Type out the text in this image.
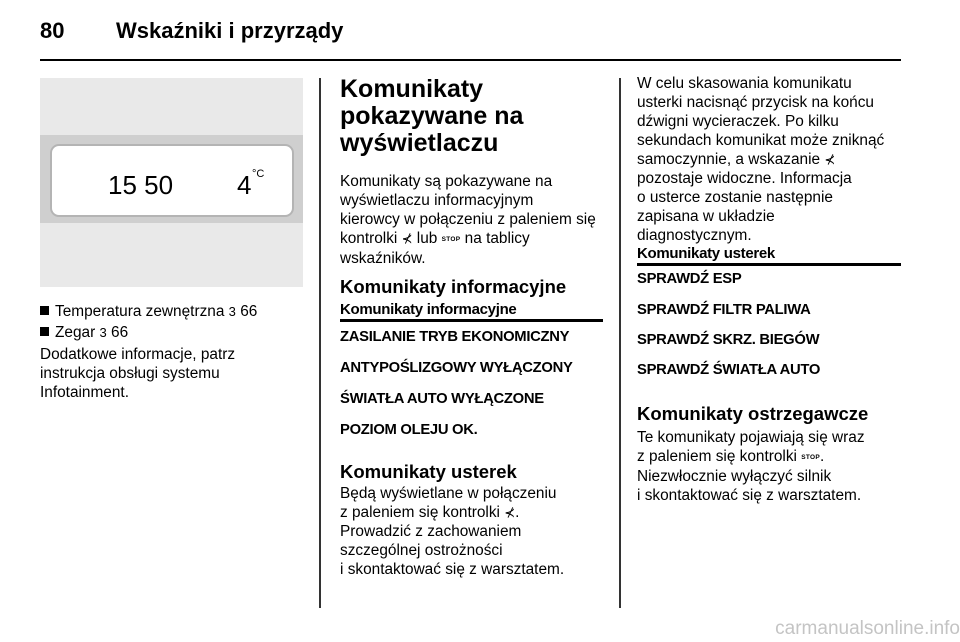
80 Wskaźniki i przyrządy
15 50 4 °C
Temperatura zewnętrzna 3 66
Zegar 3 66
Dodatkowe informacje, patrz
instrukcja obsługi systemu
Infotainment.
Komunikaty
pokazywane na
wyświetlaczu
Komunikaty są pokazywane na
wyświetlaczu informacyjnym
kierowcy w połączeniu z paleniem się
kontrolki ⊀ lub STOP na tablicy
wskaźników.
Komunikaty informacyjne
Komunikaty informacyjne
ZASILANIE TRYB EKONOMICZNY
ANTYPOŚLIZGOWY WYŁĄCZONY
ŚWIATŁA AUTO WYŁĄCZONE
POZIOM OLEJU OK.
Komunikaty usterek
Będą wyświetlane w połączeniu
z paleniem się kontrolki ⊀.
Prowadzić z zachowaniem
szczególnej ostrożności
i skontaktować się z warsztatem.
W celu skasowania komunikatu
usterki nacisnąć przycisk na końcu
dźwigni wycieraczek. Po kilku
sekundach komunikat może zniknąć
samoczynnie, a wskazanie ⊀
pozostaje widoczne. Informacja
o usterce zostanie następnie
zapisana w układzie
diagnostycznym.
Komunikaty usterek
SPRAWDŹ ESP
SPRAWDŹ FILTR PALIWA
SPRAWDŹ SKRZ. BIEGÓW
SPRAWDŹ ŚWIATŁA AUTO
Komunikaty ostrzegawcze
Te komunikaty pojawiają się wraz
z paleniem się kontrolki STOP.
Niezwłocznie wyłączyć silnik
i skontaktować się z warsztatem.
carmanualsonline.info
